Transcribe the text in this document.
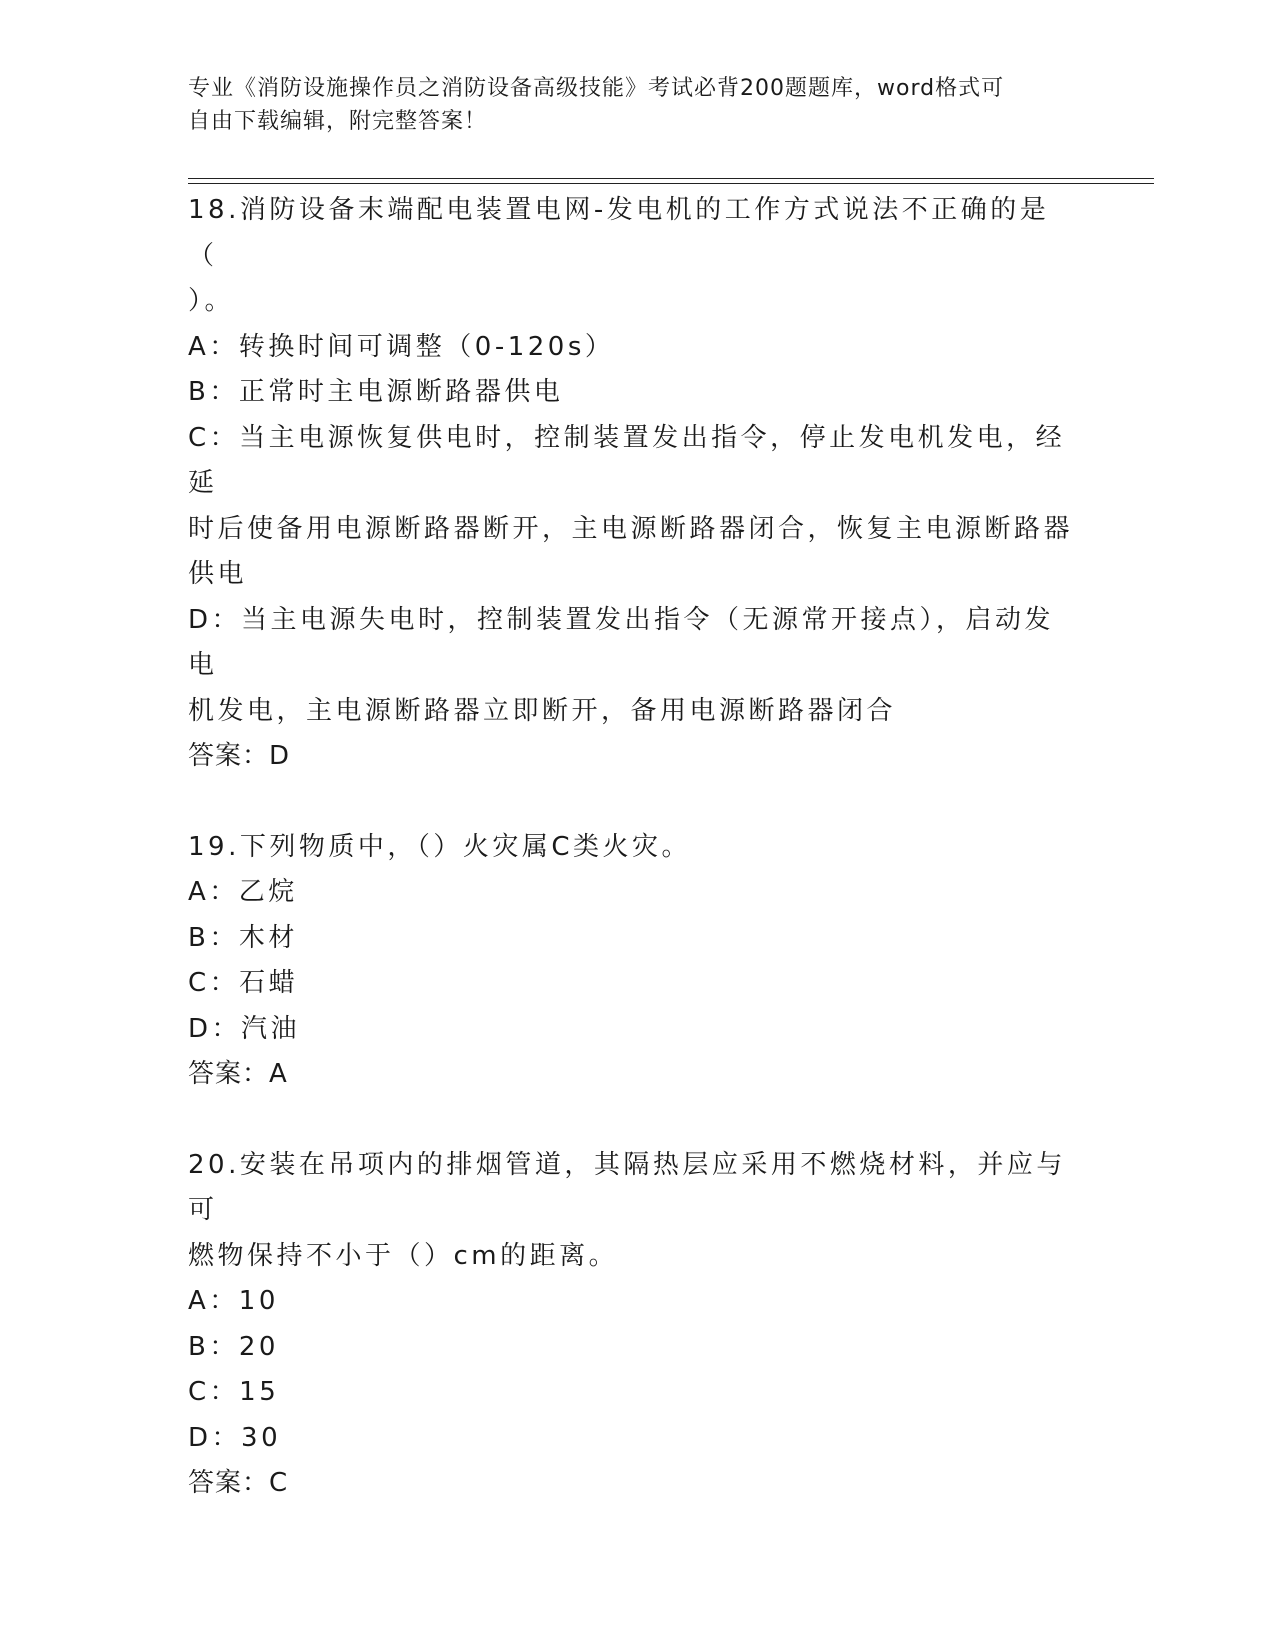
专业《消防设施操作员之消防设备高级技能》考试必背200题题库，word格式可
自由下载编辑，附完整答案！
18.消防设备末端配电装置电网-发电机的工作方式说法不正确的是（
）。
A：转换时间可调整（0-120s）
B：正常时主电源断路器供电
C：当主电源恢复供电时，控制装置发出指令，停止发电机发电，经延
时后使备用电源断路器断开，主电源断路器闭合，恢复主电源断路器
供电
D：当主电源失电时，控制装置发出指令（无源常开接点），启动发电
机发电，主电源断路器立即断开，备用电源断路器闭合
答案：D
19.下列物质中，（）火灾属C类火灾。
A：乙烷
B：木材
C：石蜡
D：汽油
答案：A
20.安装在吊项内的排烟管道，其隔热层应采用不燃烧材料，并应与可
燃物保持不小于（）cm的距离。
A：10
B：20
C：15
D：30
答案：C
